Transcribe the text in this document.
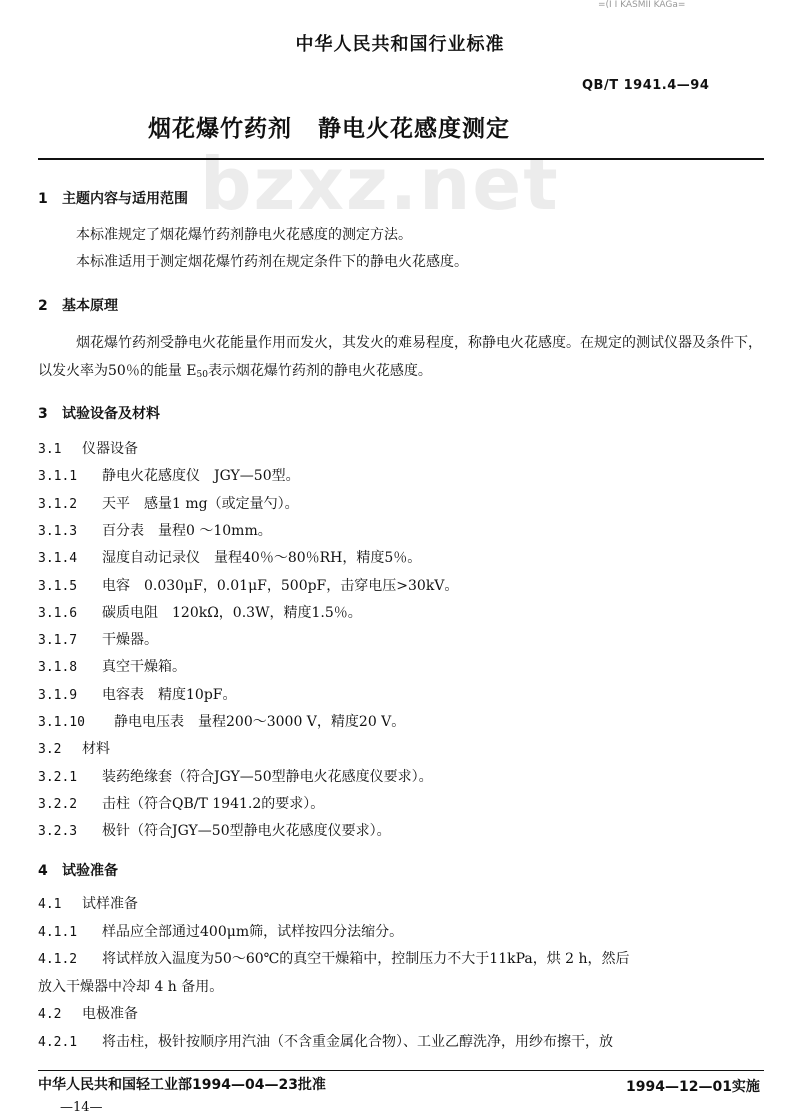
=(I I KASMII KAGa=
bzxz.net
中华人民共和国行业标准
QB/T 1941.4—94
烟花爆竹药剂 静电火花感度测定
1 主题内容与适用范围
本标准规定了烟花爆竹药剂静电火花感度的测定方法。
本标准适用于测定烟花爆竹药剂在规定条件下的静电火花感度。
2 基本原理
烟花爆竹药剂受静电火花能量作用而发火，其发火的难易程度，称静电火花感度。在规定的测试仪器及条件下，以发火率为50％的能量 $E_{50}$表示烟花爆竹药剂的静电火花感度。
3 试验设备及材料
3.1 仪器设备
3.1.1 静电火花感度仪　JGY—50型。
3.1.2 天平　感量1 mg（或定量勺）。
3.1.3 百分表　量程0 ～10mm。
3.1.4 湿度自动记录仪　量程40％～80％RH，精度5％。
3.1.5 电容　0.030μF，0.01μF，500pF，击穿电压>30kV。
3.1.6 碳质电阻　120kΩ，0.3W，精度1.5％。
3.1.7 干燥器。
3.1.8 真空干燥箱。
3.1.9 电容表　精度10pF。
3.1.10 静电电压表　量程200～3000 V，精度20 V。
3.2 材料
3.2.1 装药绝缘套（符合JGY—50型静电火花感度仪要求）。
3.2.2 击柱（符合QB/T 1941.2的要求）。
3.2.3 极针（符合JGY—50型静电火花感度仪要求）。
4 试验准备
4.1 试样准备
4.1.1 样品应全部通过400μm筛，试样按四分法缩分。
4.1.2 将试样放入温度为50～60℃的真空干燥箱中，控制压力不大于11kPa，烘 2 h，然后
放入干燥器中冷却 4 h 备用。
4.2 电极准备
4.2.1 将击柱，极针按顺序用汽油（不含重金属化合物）、工业乙醇洗净，用纱布擦干，放
中华人民共和国轻工业部1994—04—23批准	1994—12—01实施
—14—
